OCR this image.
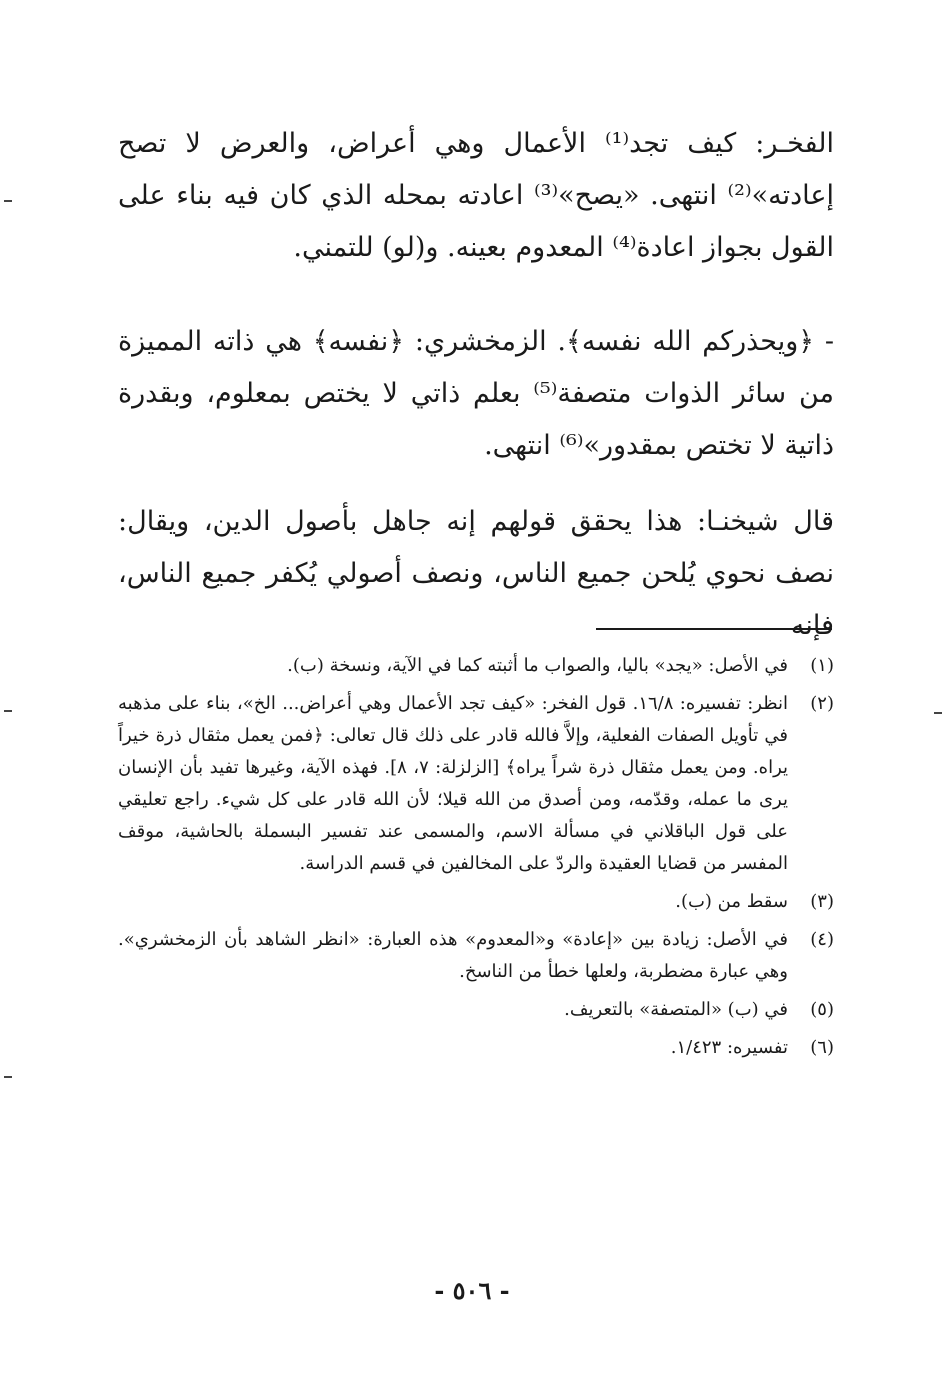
الفخـر: كيف تجد⁽¹⁾ الأعمال وهي أعراض، والعرض لا تصح إعادته»⁽²⁾ انتهى. «يصح»⁽³⁾ اعادته بمحله الذي كان فيه بناء على القول بجواز اعادة⁽⁴⁾ المعدوم بعينه. و(لو) للتمني.

- ﴿ويحذركم الله نفسه﴾. الزمخشري: ﴿نفسه﴾ هي ذاته المميزة من سائر الذوات متصفة⁽⁵⁾ بعلم ذاتي لا يختص بمعلوم، وبقدرة ذاتية لا تختص بمقدور»⁽⁶⁾ انتهى.

قال شيخنـا: هذا يحقق قولهم إنه جاهل بأصول الدين، ويقال: نصف نحوي يُلحن جميع الناس، ونصف أصولي يُكفر جميع الناس، فإنه

(١)
في الأصل: «يجد» باليا، والصواب ما أثبته كما في الآية، ونسخة (ب).
(٢)
انظر: تفسيره: ١٦/٨. قول الفخر: «كيف تجد الأعمال وهي أعراض... الخ»، بناء على مذهبه في تأويل الصفات الفعلية، وإلاَّ فالله قادر على ذلك قال تعالى: ﴿فمن يعمل مثقال ذرة خيراً يراه. ومن يعمل مثقال ذرة شراً يراه﴾ [الزلزلة: ٧، ٨]. فهذه الآية، وغيرها تفيد بأن الإنسان يرى ما عمله، وقدّمه، ومن أصدق من الله قيلا؛ لأن الله قادر على كل شيء. راجع تعليقي على قول الباقلاني في مسألة الاسم، والمسمى عند تفسير البسملة بالحاشية، موقف المفسر من قضايا العقيدة والردّ على المخالفين في قسم الدراسة.
(٣)
سقط من (ب).
(٤)
في الأصل: زيادة بين «إعادة» و«المعدوم» هذه العبارة: «انظر الشاهد بأن الزمخشري». وهي عبارة مضطربة، ولعلها خطأ من الناسخ.
(٥)
في (ب) «المتصفة» بالتعريف.
(٦)
تفسيره: ١/٤٢٣.
- ٥٠٦ -
